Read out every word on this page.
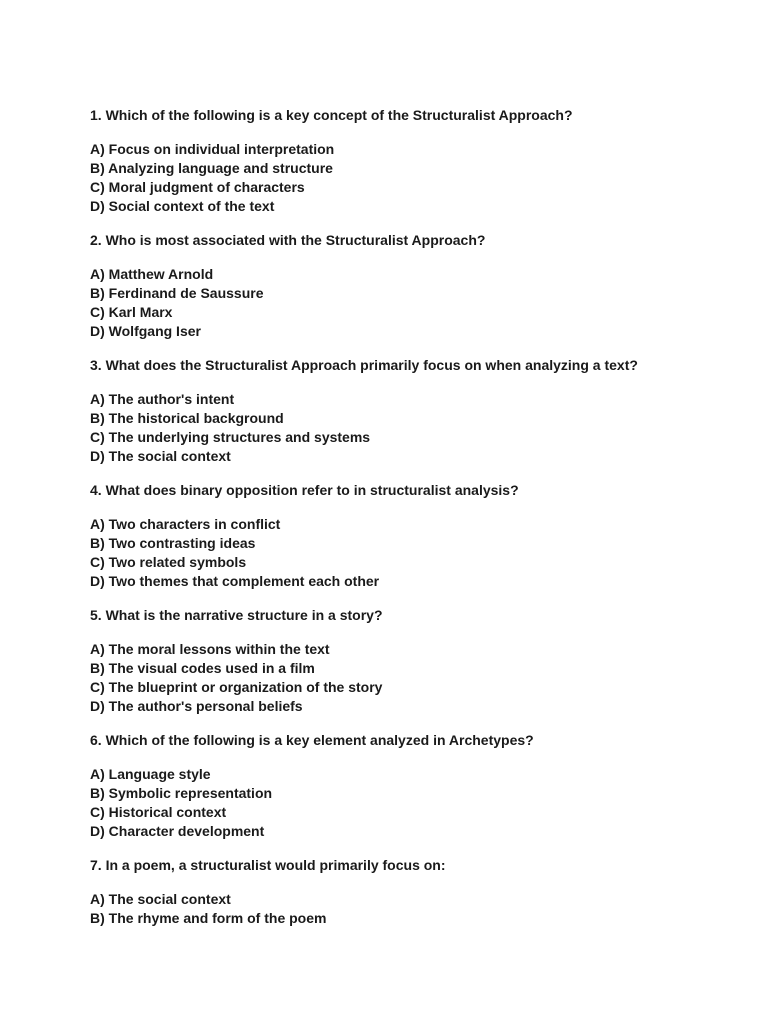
1. Which of the following is a key concept of the Structuralist Approach?

A) Focus on individual interpretation
B) Analyzing language and structure
C) Moral judgment of characters
D) Social context of the text

2. Who is most associated with the Structuralist Approach?

A) Matthew Arnold
B) Ferdinand de Saussure
C) Karl Marx
D) Wolfgang Iser

3. What does the Structuralist Approach primarily focus on when analyzing a text?

A) The author's intent
B) The historical background
C) The underlying structures and systems
D) The social context

4. What does binary opposition refer to in structuralist analysis?

A) Two characters in conflict
B) Two contrasting ideas
C) Two related symbols
D) Two themes that complement each other

5. What is the narrative structure in a story?

A) The moral lessons within the text
B) The visual codes used in a film
C) The blueprint or organization of the story
D) The author's personal beliefs

6. Which of the following is a key element analyzed in Archetypes?

A) Language style
B) Symbolic representation
C) Historical context
D) Character development

7. In a poem, a structuralist would primarily focus on:

A) The social context
B) The rhyme and form of the poem
